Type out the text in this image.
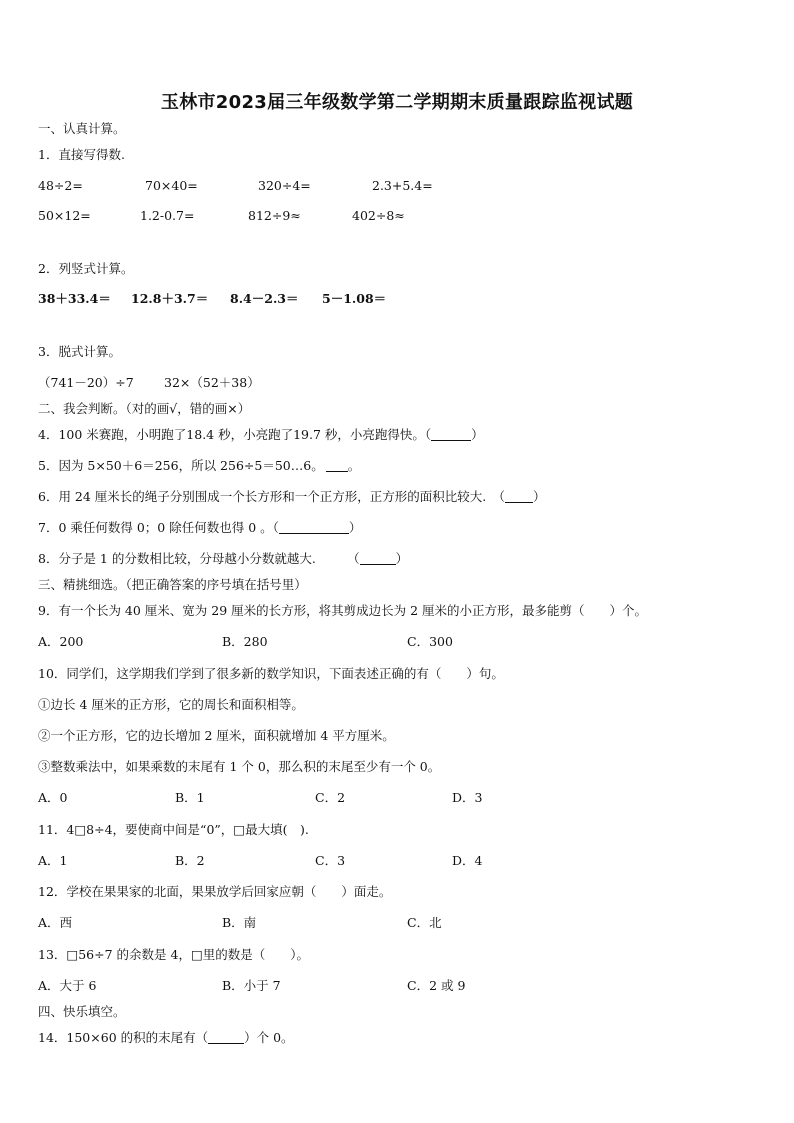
玉林市2023届三年级数学第二学期期末质量跟踪监视试题
一、认真计算。
1．直接写得数.
48÷2=	70×40=	320÷4=	2.3+5.4=
50×12=	1.2-0.7=	812÷9≈	402÷8≈
2．列竖式计算。
38＋33.4＝ 12.8＋3.7＝ 8.4－2.3＝ 5－1.08＝
3．脱式计算。
（741－20）÷7 32×（52＋38）
二、我会判断。（对的画√，错的画×）
4．100 米赛跑，小明跑了18.4 秒，小亮跑了19.7 秒，小亮跑得快。（	）
5．因为 5×50＋6＝256，所以 256÷5＝50…6。 。
6．用 24 厘米长的绳子分别围成一个长方形和一个正方形，正方形的面积比较大.　（ ）
7．0 乘任何数得 0；0 除任何数也得 0 。（	）
8．分子是 1 的分数相比较，分母越小分数就越大.　　　（	）
三、精挑细选。（把正确答案的序号填在括号里）
9．有一个长为 40 厘米、宽为 29 厘米的长方形，将其剪成边长为 2 厘米的小正方形，最多能剪（　　）个。
A．200	B．280	C．300
10．同学们，这学期我们学到了很多新的数学知识，下面表述正确的有（　　）句。
①边长 4 厘米的正方形，它的周长和面积相等。
②一个正方形，它的边长增加 2 厘米，面积就增加 4 平方厘米。
③整数乘法中，如果乘数的末尾有 1 个 0，那么积的末尾至少有一个 0。
A．0	B．1	C．2	D．3
11．4□8÷4，要使商中间是“0”，□最大填(　).
A．1	B．2	C．3	D．4
12．学校在果果家的北面，果果放学后回家应朝（　　）面走。
A．西	B．南	C．北
13．□56÷7 的余数是 4，□里的数是（　　）。
A．大于 6	B．小于 7	C．2 或 9
四、快乐填空。
14．150×60 的积的末尾有（	）个 0。
